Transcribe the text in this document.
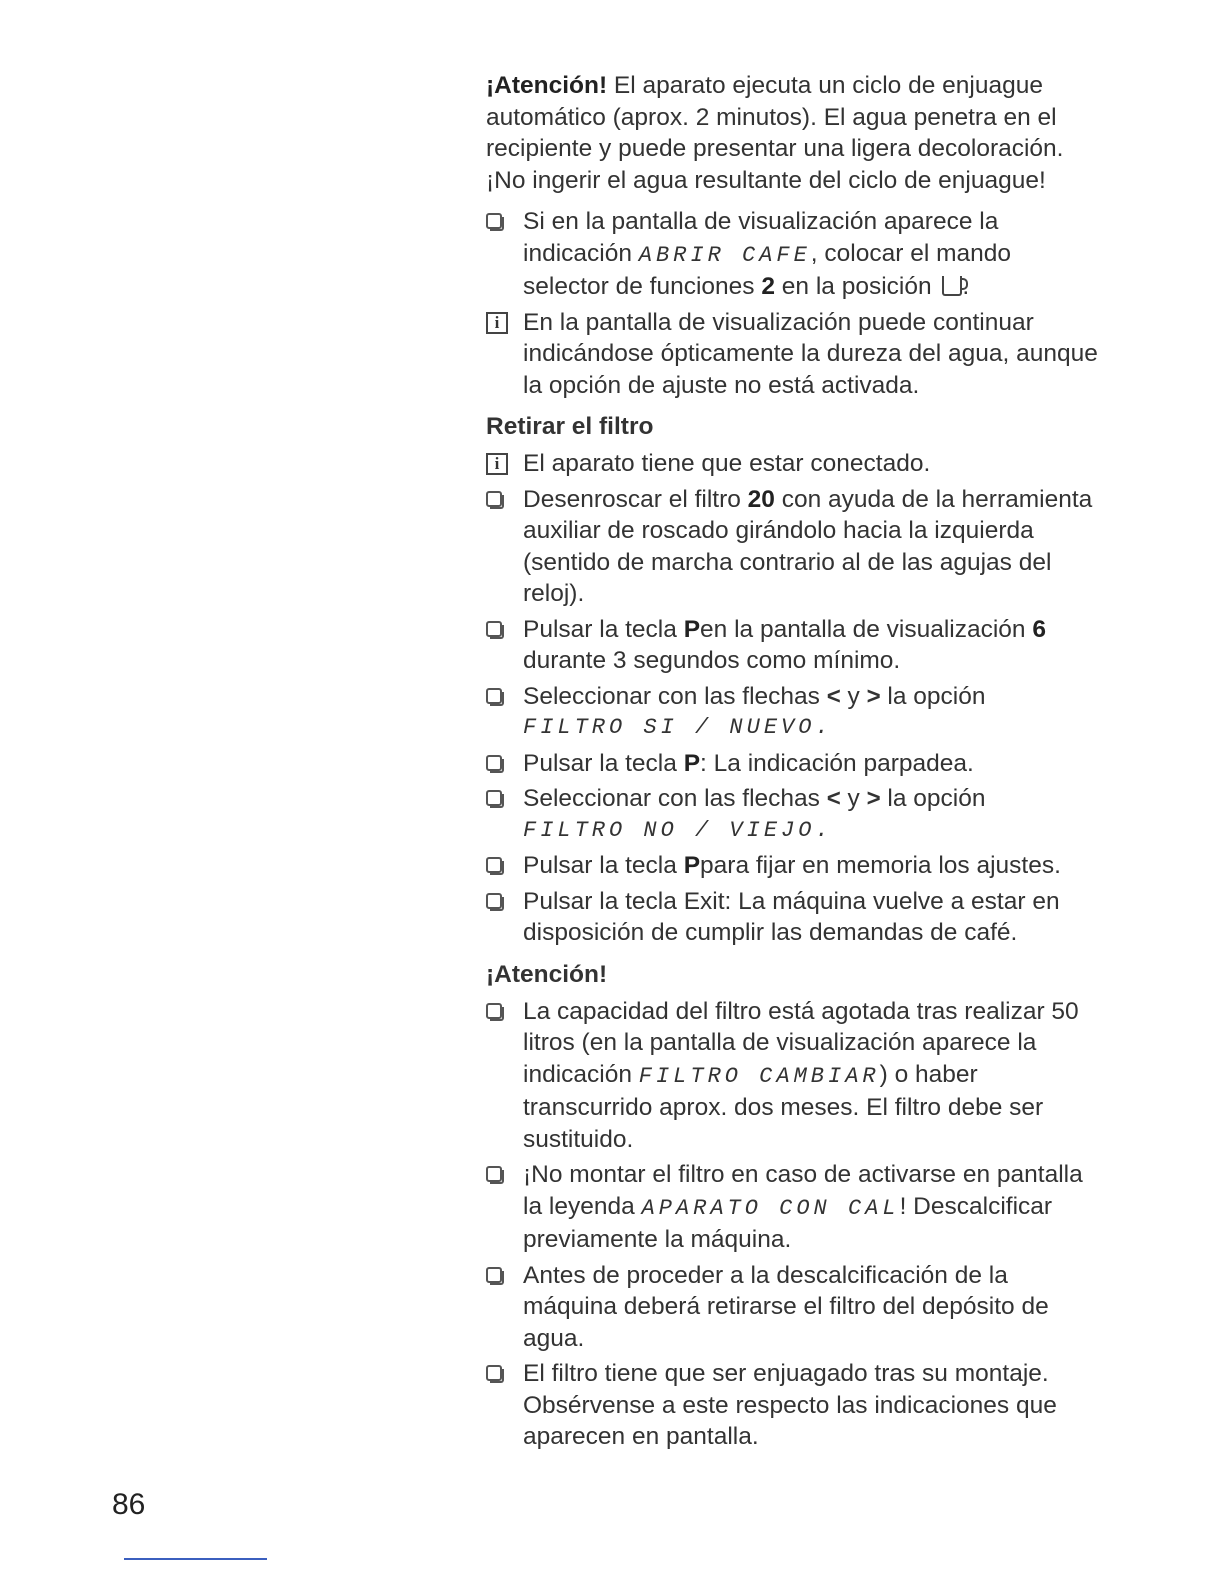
¡Atención! El aparato ejecuta un ciclo de enjuague automático (aprox. 2 minutos). El agua penetra en el recipiente y puede presentar una ligera decoloración. ¡No ingerir el agua resultante del ciclo de enjuague!

Si en la pantalla de visualización aparece la indicación ABRIR CAFE, colocar el mando selector de funciones 2 en la posición .
i En la pantalla de visualización puede continuar indicándose ópticamente la dureza del agua, aunque la opción de ajuste no está activada.
Retirar el filtro
i El aparato tiene que estar conectado.
Desenroscar el filtro 20 con ayuda de la herramienta auxiliar de roscado girándolo hacia la izquierda (sentido de marcha contrario al de las agujas del reloj).
Pulsar la tecla Pen la pantalla de visualización 6 durante 3 segundos como mínimo.
Seleccionar con las flechas < y > la opción
FILTRO SI / NUEVO.
Pulsar la tecla P: La indicación parpadea.
Seleccionar con las flechas < y > la opción
FILTRO NO / VIEJO.
Pulsar la tecla Ppara fijar en memoria los ajustes.
Pulsar la tecla Exit: La máquina vuelve a estar en disposición de cumplir las demandas de café.
¡Atención!
La capacidad del filtro está agotada tras realizar 50 litros (en la pantalla de visualización aparece la indicación FILTRO CAMBIAR) o haber transcurrido aprox. dos meses. El filtro debe ser sustituido.
¡No montar el filtro en caso de activarse en pantalla la leyenda APARATO CON CAL! Descalcificar previamente la máquina.
Antes de proceder a la descalcificación de la máquina deberá retirarse el filtro del depósito de agua.
El filtro tiene que ser enjuagado tras su montaje. Obsérvense a este respecto las indicaciones que aparecen en pantalla.
86
